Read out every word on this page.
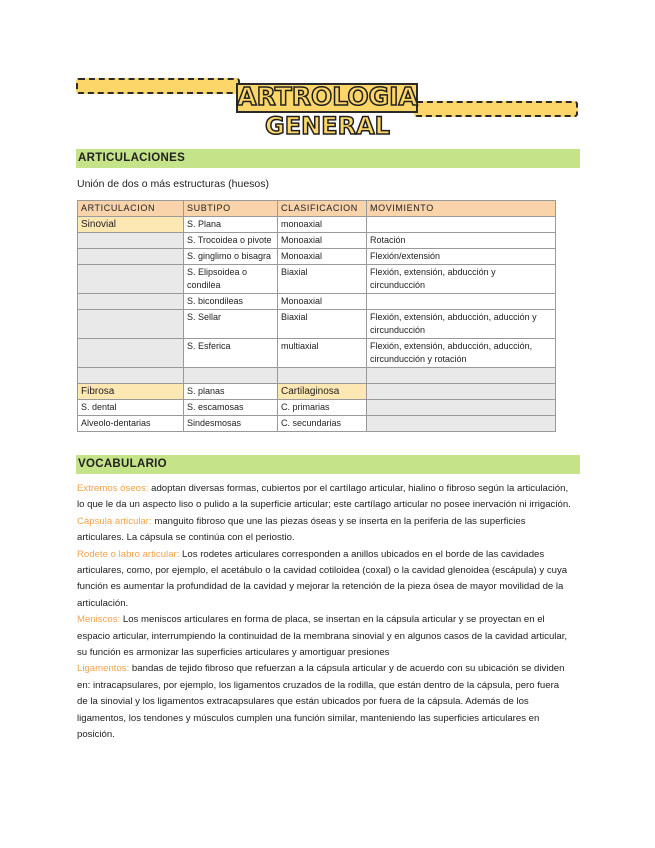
ARTROLOGIA
GENERAL
ARTICULACIONES
Unión de dos o más estructuras (huesos)
ARTICULACION	SUBTIPO	CLASIFICACION	MOVIMIENTO
Sinovial	S. Plana	monoaxial	
	S. Trocoidea o pivote	Monoaxial	Rotación
	S. ginglimo o bisagra	Monoaxial	Flexión/extensión
	S. Elipsoidea o condilea	Biaxial	Flexión, extensión, abducción y circunducción
	S. bicondileas	Monoaxial	
	S. Sellar	Biaxial	Flexión, extensión, abducción, aducción y circunducción
	S. Esferica	multiaxial	Flexión, extensión, abducción, aducción, circunducción y rotación

Fibrosa	S. planas	Cartilaginosa	
S. dental	S. escamosas	C. primarias	
Alveolo-dentarias	Sindesmosas	C. secundarias	
VOCABULARIO

Extremos óseos: adoptan diversas formas, cubiertos por el cartílago articular, hialino o fibroso según la articulación, lo que le da un aspecto liso o pulido a la superficie articular; este cartílago articular no posee inervación ni irrigación.

Cápsula articular: manguito fibroso que une las piezas óseas y se inserta en la periferia de las superficies articulares. La cápsula se continúa con el periostio.

Rodete o labro articular: Los rodetes articulares corresponden a anillos ubicados en el borde de las cavidades articulares, como, por ejemplo, el acetábulo o la cavidad cotiloidea (coxal) o la cavidad glenoidea (escápula) y cuya función es aumentar la profundidad de la cavidad y mejorar la retención de la pieza ósea de mayor movilidad de la articulación.

Meniscos: Los meniscos articulares en forma de placa, se insertan en la cápsula articular y se proyectan en el espacio articular, interrumpiendo la continuidad de la membrana sinovial y en algunos casos de la cavidad articular, su función es armonizar las superficies articulares y amortiguar presiones

Ligamentos: bandas de tejido fibroso que refuerzan a la cápsula articular y de acuerdo con su ubicación se dividen en: intracapsulares, por ejemplo, los ligamentos cruzados de la rodilla, que están dentro de la cápsula, pero fuera de la sinovial y los ligamentos extracapsulares que están ubicados por fuera de la cápsula. Además de los ligamentos, los tendones y músculos cumplen una función similar, manteniendo las superficies articulares en posición.
